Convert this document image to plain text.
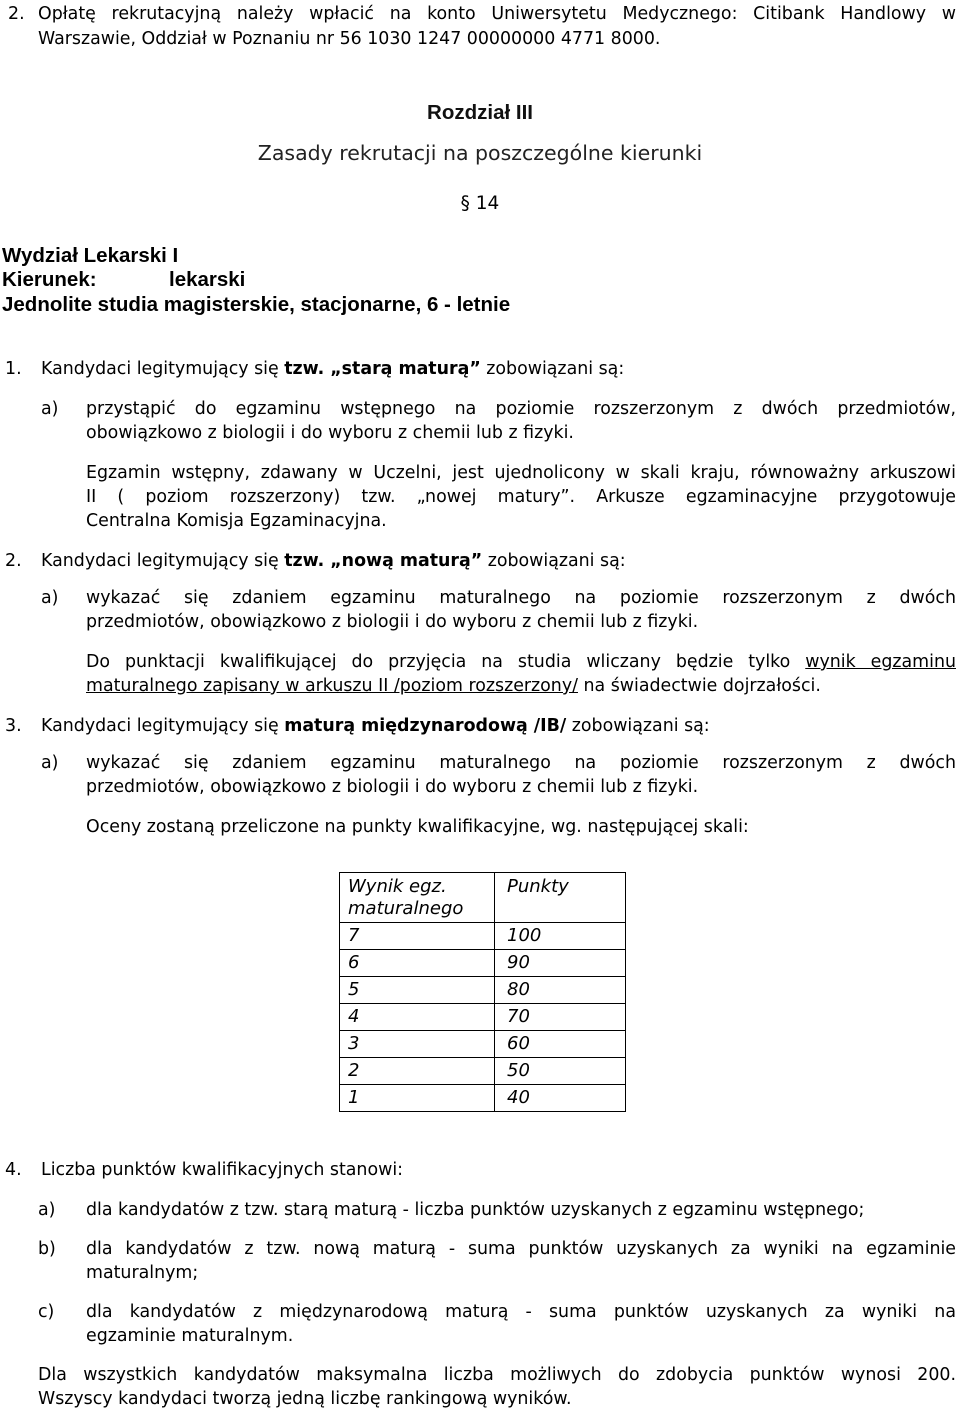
2. Opłatę rekrutacyjną należy wpłacić na konto Uniwersytetu Medycznego: Citibank Handlowy w
Warszawie, Oddział w Poznaniu nr 56 1030 1247 00000000 4771 8000.
Rozdział III
Zasady rekrutacji na poszczególne kierunki
§ 14
Wydział Lekarski I
Kierunek:	lekarski
Jednolite studia magisterskie, stacjonarne, 6 - letnie
1. Kandydaci legitymujący się tzw. „starą maturą” zobowiązani są:
a) przystąpić do egzaminu wstępnego na poziomie rozszerzonym z dwóch przedmiotów,
obowiązkowo z biologii i do wyboru z chemii lub z fizyki.
Egzamin wstępny, zdawany w Uczelni, jest ujednolicony w skali kraju, równoważny arkuszowi
II ( poziom rozszerzony) tzw. „nowej matury”. Arkusze egzaminacyjne przygotowuje
Centralna Komisja Egzaminacyjna.
2. Kandydaci legitymujący się tzw. „nową maturą” zobowiązani są:
a) wykazać się zdaniem egzaminu maturalnego na poziomie rozszerzonym z dwóch
przedmiotów, obowiązkowo z biologii i do wyboru z chemii lub z fizyki.
Do punktacji kwalifikującej do przyjęcia na studia wliczany będzie tylko wynik egzaminu
maturalnego zapisany w arkuszu II /poziom rozszerzony/ na świadectwie dojrzałości.
3. Kandydaci legitymujący się maturą międzynarodową /IB/ zobowiązani są:
a) wykazać się zdaniem egzaminu maturalnego na poziomie rozszerzonym z dwóch
przedmiotów, obowiązkowo z biologii i do wyboru z chemii lub z fizyki.
Oceny zostaną przeliczone na punkty kwalifikacyjne, wg. następującej skali:
Wynik egz.
maturalnego	Punkty
7	100
6	90
5	80
4	70
3	60
2	50
1	40
4. Liczba punktów kwalifikacyjnych stanowi:
a) dla kandydatów z tzw. starą maturą - liczba punktów uzyskanych z egzaminu wstępnego;
b) dla kandydatów z tzw. nową maturą - suma punktów uzyskanych za wyniki na egzaminie
maturalnym;
c) dla kandydatów z międzynarodową maturą - suma punktów uzyskanych za wyniki na
egzaminie maturalnym.
Dla wszystkich kandydatów maksymalna liczba możliwych do zdobycia punktów wynosi 200.
Wszyscy kandydaci tworzą jedną liczbę rankingową wyników.
